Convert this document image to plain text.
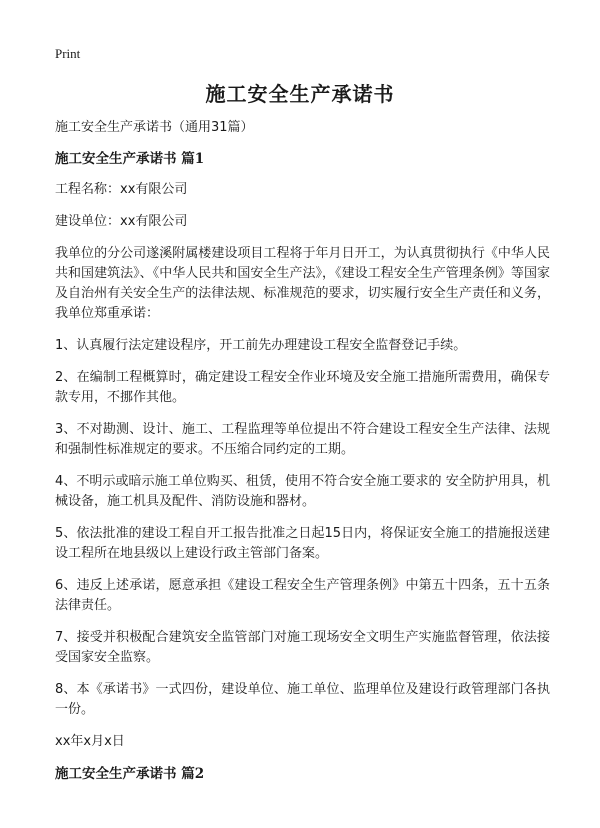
Print
施工安全生产承诺书

施工安全生产承诺书（通用31篇）

施工安全生产承诺书 篇1

工程名称：xx有限公司

建设单位：xx有限公司

我单位的分公司遂溪附属楼建设项目工程将于年月日开工，为认真贯彻执行《中华人民共和国建筑法》、《中华人民共和国安全生产法》，《建设工程安全生产管理条例》等国家及自治州有关安全生产的法律法规、标准规范的要求，切实履行安全生产责任和义务，我单位郑重承诺：

1、认真履行法定建设程序，开工前先办理建设工程安全监督登记手续。

2、在编制工程概算时，确定建设工程安全作业环境及安全施工措施所需费用，确保专款专用，不挪作其他。

3、不对勘测、设计、施工、工程监理等单位提出不符合建设工程安全生产法律、法规和强制性标准规定的要求。不压缩合同约定的工期。

4、不明示或暗示施工单位购买、租赁，使用不符合安全施工要求的 安全防护用具，机械设备，施工机具及配件、消防设施和器材。

5、依法批准的建设工程自开工报告批准之日起15日内，将保证安全施工的措施报送建设工程所在地县级以上建设行政主管部门备案。

6、违反上述承诺，愿意承担《建设工程安全生产管理条例》中第五十四条，五十五条法律责任。

7、接受并积极配合建筑安全监管部门对施工现场安全文明生产实施监督管理，依法接受国家安全监察。

8、本《承诺书》一式四份，建设单位、施工单位、监理单位及建设行政管理部门各执一份。

xx年x月x日

施工安全生产承诺书 篇2
